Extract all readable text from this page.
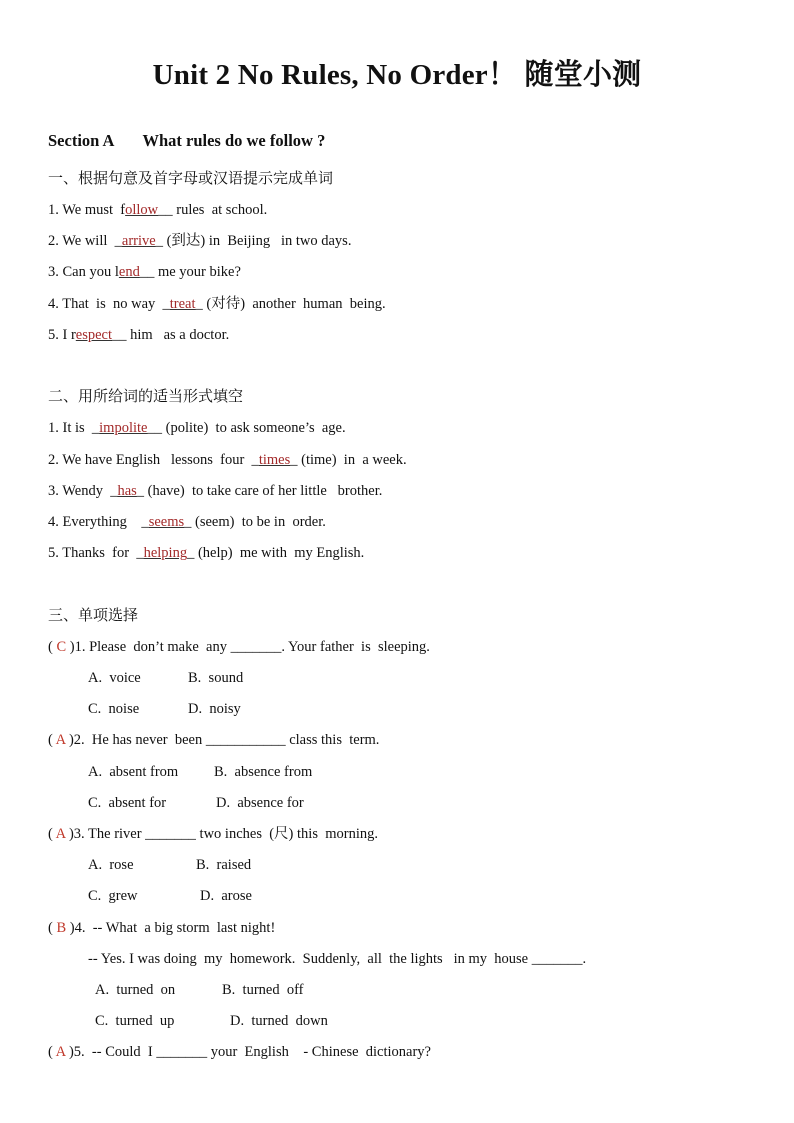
Unit 2 No Rules, No Order！ 随堂小测
Section A What rules do we follow ?
一、根据句意及首字母或汉语提示完成单词
1. We must  follow__ rules  at school.
2. We will  _arrive_ (到达) in  Beijing   in two days.
3. Can you lend__ me your bike?
4. That  is  no way  _treat_ (对待)  another  human  being.
5. I respect__ him   as a doctor.
二、用所给词的适当形式填空
1. It is  _impolite__ (polite)  to ask someone’s  age.
2. We have English   lessons  four  _times_ (time)  in  a week.
3. Wendy  _has_ (have)  to take care of her little   brother.
4. Everything    _seems_ (seem)  to be in  order.
5. Thanks  for  _helping_ (help)  me with  my English.
三、单项选择
( C )1. Please  don’t make  any _______. Your father  is  sleeping.
A.  voice	B.  sound
C.  noise	D.  noisy
( A )2.  He has never  been ___________ class this  term.
A.  absent from B.  absence from
C.  absent for	D.  absence for
( A )3. The river _______ two inches  (尺) this  morning.
A.  rose	B.  raised
C.  grew	D.  arose
( B )4.  -- What  a big storm  last night!
-- Yes. I was doing  my  homework.  Suddenly,  all  the lights   in my  house _______.
A.  turned  on	B.  turned  off
C.  turned  up	D.  turned  down
( A )5.  -- Could  I _______ your  English    - Chinese  dictionary?
